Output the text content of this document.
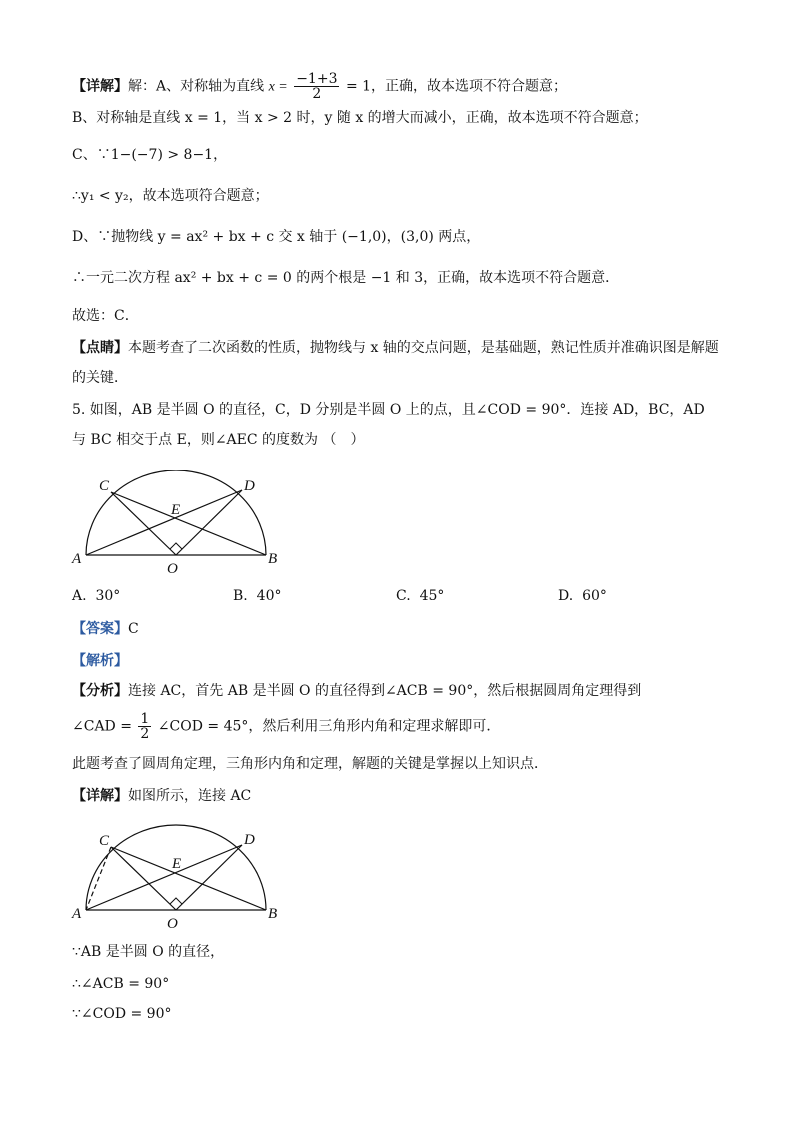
【详解】解：A、对称轴为直线 $x = \frac{-1+3}{2} = 1$，正确，故本选项不符合题意；
B、对称轴是直线 x = 1，当 x > 2 时，y 随 x 的增大而减小，正确，故本选项不符合题意；
C、∵1−(−7) > 8−1，
∴y₁ < y₂，故本选项符合题意；
D、∵抛物线 y = ax² + bx + c 交 x 轴于 (−1,0)，(3,0) 两点，
∴一元二次方程 ax² + bx + c = 0 的两个根是 −1 和 3，正确，故本选项不符合题意．
故选：C．
【点睛】本题考查了二次函数的性质，抛物线与 x 轴的交点问题，是基础题，熟记性质并准确识图是解题
的关键．
5. 如图，AB 是半圆 O 的直径，C，D 分别是半圆 O 上的点，且∠COD = 90°．连接 AD，BC，AD
与 BC 相交于点 E，则∠AEC 的度数为 （　）
A	B
C	D
E
O
A. 30°	B. 40°	C. 45°	D. 60°
【答案】C
【解析】
【分析】连接 AC，首先 AB 是半圆 O 的直径得到∠ACB = 90°，然后根据圆周角定理得到
∠CAD = $\frac{1}{2}$ ∠COD = 45°，然后利用三角形内角和定理求解即可．
此题考查了圆周角定理，三角形内角和定理，解题的关键是掌握以上知识点．
【详解】如图所示，连接 AC
A	B
C	D
E
O
∵AB 是半圆 O 的直径，
∴∠ACB = 90°
∵∠COD = 90°
